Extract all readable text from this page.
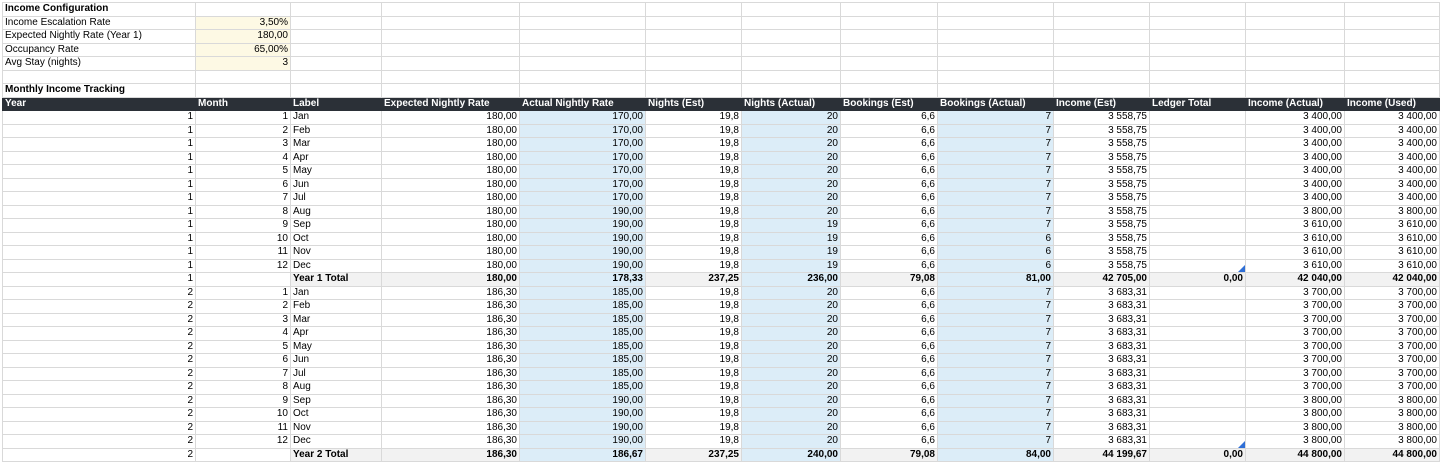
Income Configuration												
Income Escalation Rate	3,50%											
Expected Nightly Rate (Year 1)	180,00											
Occupancy Rate	65,00%											
Avg Stay (nights)	3											

Monthly Income Tracking												
Year	Month	Label	Expected Nightly Rate	Actual Nightly Rate	Nights (Est)	Nights (Actual)	Bookings (Est)	Bookings (Actual)	Income (Est)	Ledger Total	Income (Actual)	Income (Used)
1	1	Jan	180,00	170,00	19,8	20	6,6	7	3 558,75		3 400,00	3 400,00
1	2	Feb	180,00	170,00	19,8	20	6,6	7	3 558,75		3 400,00	3 400,00
1	3	Mar	180,00	170,00	19,8	20	6,6	7	3 558,75		3 400,00	3 400,00
1	4	Apr	180,00	170,00	19,8	20	6,6	7	3 558,75		3 400,00	3 400,00
1	5	May	180,00	170,00	19,8	20	6,6	7	3 558,75		3 400,00	3 400,00
1	6	Jun	180,00	170,00	19,8	20	6,6	7	3 558,75		3 400,00	3 400,00
1	7	Jul	180,00	170,00	19,8	20	6,6	7	3 558,75		3 400,00	3 400,00
1	8	Aug	180,00	190,00	19,8	20	6,6	7	3 558,75		3 800,00	3 800,00
1	9	Sep	180,00	190,00	19,8	19	6,6	7	3 558,75		3 610,00	3 610,00
1	10	Oct	180,00	190,00	19,8	19	6,6	6	3 558,75		3 610,00	3 610,00
1	11	Nov	180,00	190,00	19,8	19	6,6	6	3 558,75		3 610,00	3 610,00
1	12	Dec	180,00	190,00	19,8	19	6,6	6	3 558,75		3 610,00	3 610,00
1		Year 1 Total	180,00	178,33	237,25	236,00	79,08	81,00	42 705,00	0,00	42 040,00	42 040,00
2	1	Jan	186,30	185,00	19,8	20	6,6	7	3 683,31		3 700,00	3 700,00
2	2	Feb	186,30	185,00	19,8	20	6,6	7	3 683,31		3 700,00	3 700,00
2	3	Mar	186,30	185,00	19,8	20	6,6	7	3 683,31		3 700,00	3 700,00
2	4	Apr	186,30	185,00	19,8	20	6,6	7	3 683,31		3 700,00	3 700,00
2	5	May	186,30	185,00	19,8	20	6,6	7	3 683,31		3 700,00	3 700,00
2	6	Jun	186,30	185,00	19,8	20	6,6	7	3 683,31		3 700,00	3 700,00
2	7	Jul	186,30	185,00	19,8	20	6,6	7	3 683,31		3 700,00	3 700,00
2	8	Aug	186,30	185,00	19,8	20	6,6	7	3 683,31		3 700,00	3 700,00
2	9	Sep	186,30	190,00	19,8	20	6,6	7	3 683,31		3 800,00	3 800,00
2	10	Oct	186,30	190,00	19,8	20	6,6	7	3 683,31		3 800,00	3 800,00
2	11	Nov	186,30	190,00	19,8	20	6,6	7	3 683,31		3 800,00	3 800,00
2	12	Dec	186,30	190,00	19,8	20	6,6	7	3 683,31		3 800,00	3 800,00
2		Year 2 Total	186,30	186,67	237,25	240,00	79,08	84,00	44 199,67	0,00	44 800,00	44 800,00
